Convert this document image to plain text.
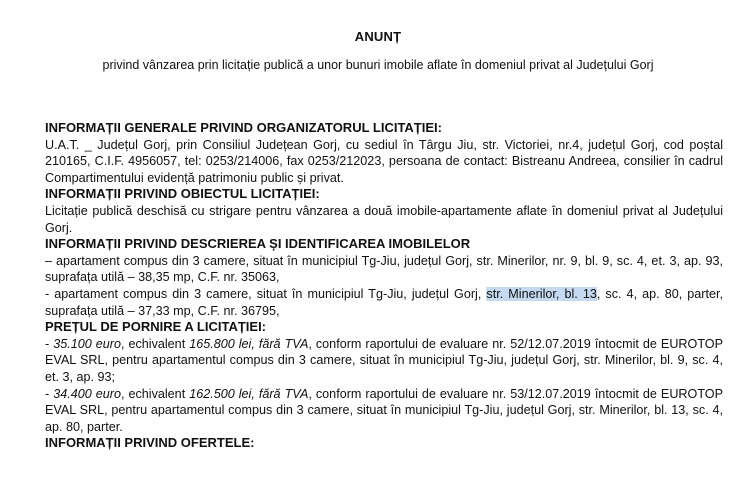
ANUNȚ
privind vânzarea prin licitație publică a unor bunuri imobile aflate în domeniul privat al Județului Gorj

INFORMAȚII GENERALE PRIVIND ORGANIZATORUL LICITAȚIEI:

U.A.T. _ Județul Gorj, prin Consiliul Județean Gorj, cu sediul în Târgu Jiu, str. Victoriei, nr.4, județul Gorj, cod poștal 210165, C.I.F. 4956057, tel: 0253/214006, fax 0253/212023, persoana de contact: Bistreanu Andreea, consilier în cadrul Compartimentului evidență patrimoniu public și privat.

INFORMAȚII PRIVIND OBIECTUL LICITAȚIEI:

Licitație publică deschisă cu strigare pentru vânzarea a două imobile-apartamente aflate în domeniul privat al Județului Gorj.

INFORMAȚII PRIVIND DESCRIEREA ȘI IDENTIFICAREA IMOBILELOR

– apartament compus din 3 camere, situat în municipiul Tg-Jiu, județul Gorj, str. Minerilor, nr. 9, bl. 9, sc. 4, et. 3, ap. 93, suprafața utilă – 38,35 mp, C.F. nr. 35063,

- apartament compus din 3 camere, situat în municipiul Tg-Jiu, județul Gorj, str. Minerilor, bl. 13, sc. 4, ap. 80, parter, suprafața utilă – 37,33 mp, C.F. nr. 36795,

PREȚUL DE PORNIRE A LICITAȚIEI:

- 35.100 euro, echivalent 165.800 lei, fără TVA, conform raportului de evaluare nr. 52/12.07.2019 întocmit de EUROTOP EVAL SRL, pentru apartamentul compus din 3 camere, situat în municipiul Tg-Jiu, județul Gorj, str. Minerilor, bl. 9, sc. 4, et. 3, ap. 93;

- 34.400 euro, echivalent 162.500 lei, fără TVA, conform raportului de evaluare nr. 53/12.07.2019 întocmit de EUROTOP EVAL SRL, pentru apartamentul compus din 3 camere, situat în municipiul Tg-Jiu, județul Gorj, str. Minerilor, bl. 13, sc. 4, ap. 80, parter.

INFORMAȚII PRIVIND OFERTELE:
